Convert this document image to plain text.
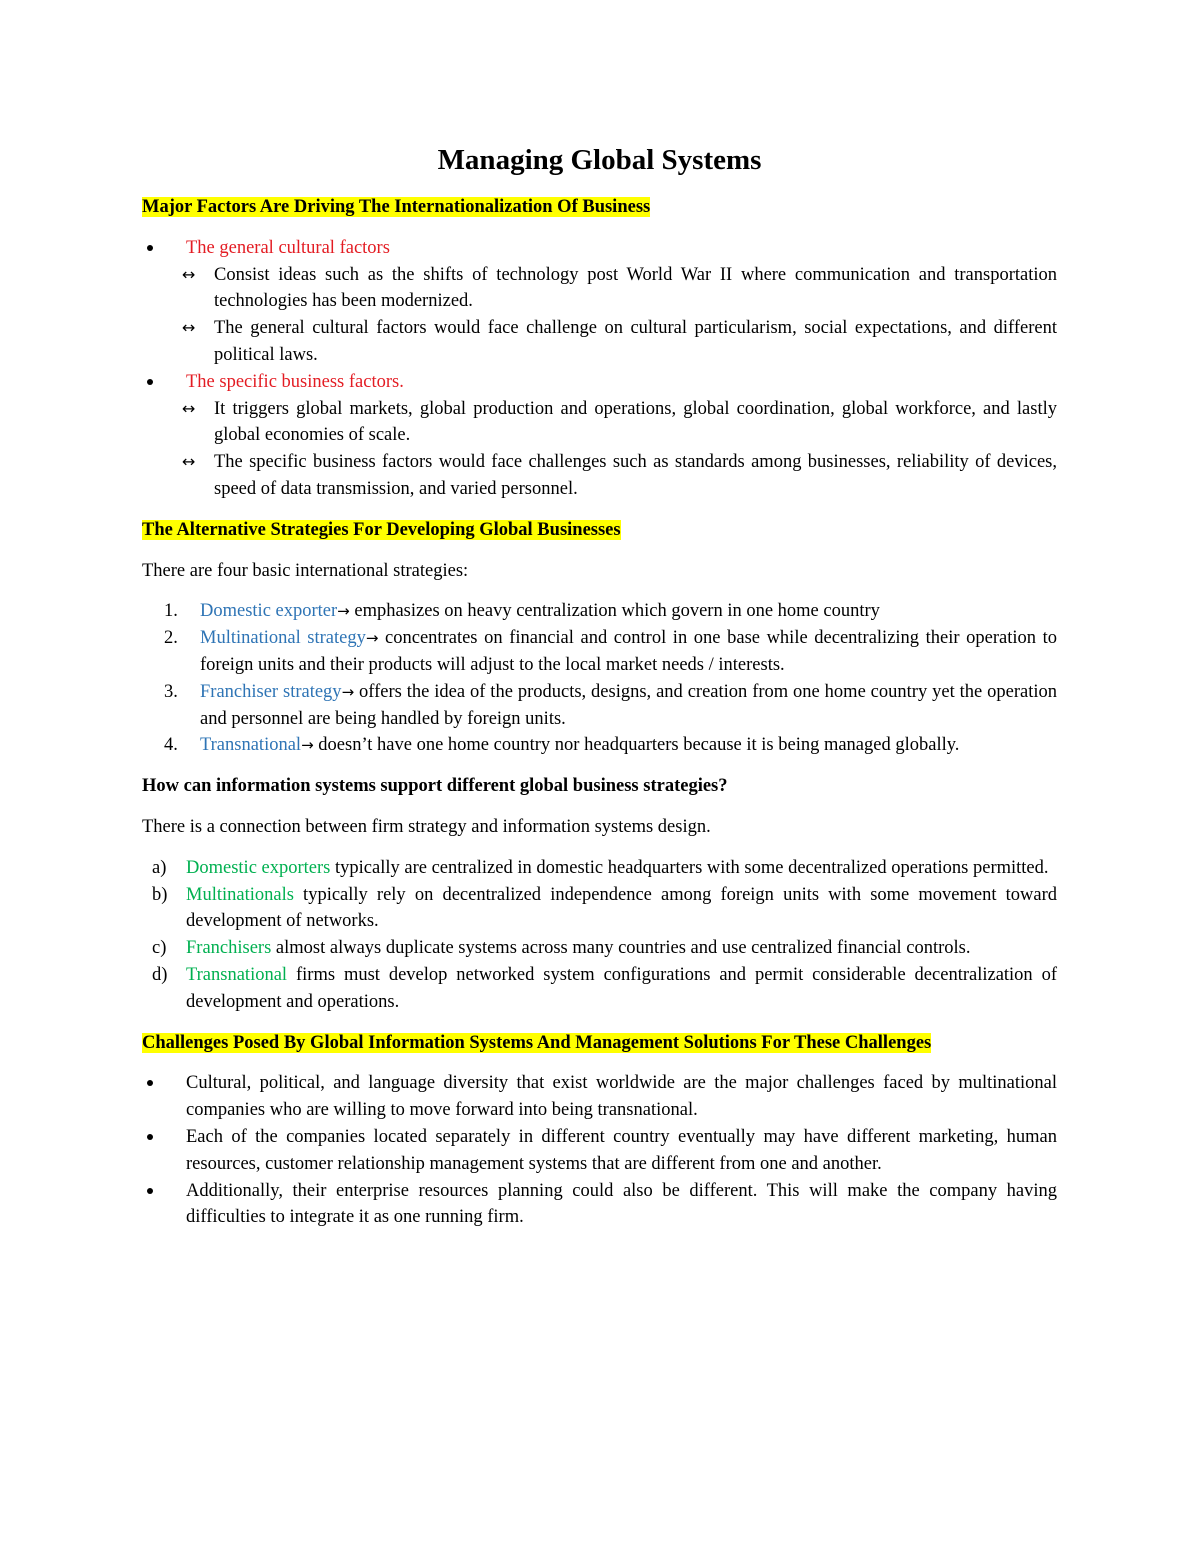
Managing Global Systems
Major Factors Are Driving The Internationalization Of Business
The general cultural factors
↔ Consist ideas such as the shifts of technology post World War II where communication and transportation technologies has been modernized.
↔ The general cultural factors would face challenge on cultural particularism, social expectations, and different political laws.
The specific business factors.
↔ It triggers global markets, global production and operations, global coordination, global workforce, and lastly global economies of scale.
↔ The specific business factors would face challenges such as standards among businesses, reliability of devices, speed of data transmission, and varied personnel.
The Alternative Strategies For Developing Global Businesses

There are four basic international strategies:

1. Domestic exporter→ emphasizes on heavy centralization which govern in one home country
2. Multinational strategy→ concentrates on financial and control in one base while decentralizing their operation to foreign units and their products will adjust to the local market needs / interests.
3. Franchiser strategy→ offers the idea of the products, designs, and creation from one home country yet the operation and personnel are being handled by foreign units.
4. Transnational→ doesn’t have one home country nor headquarters because it is being managed globally.
How can information systems support different global business strategies?

There is a connection between firm strategy and information systems design.

a) Domestic exporters typically are centralized in domestic headquarters with some decentralized operations permitted.
b) Multinationals typically rely on decentralized independence among foreign units with some movement toward development of networks.
c) Franchisers almost always duplicate systems across many countries and use centralized financial controls.
d) Transnational firms must develop networked system configurations and permit considerable decentralization of development and operations.
Challenges Posed By Global Information Systems And Management Solutions For These Challenges
Cultural, political, and language diversity that exist worldwide are the major challenges faced by multinational companies who are willing to move forward into being transnational.
Each of the companies located separately in different country eventually may have different marketing, human resources, customer relationship management systems that are different from one and another.
Additionally, their enterprise resources planning could also be different. This will make the company having difficulties to integrate it as one running firm.
